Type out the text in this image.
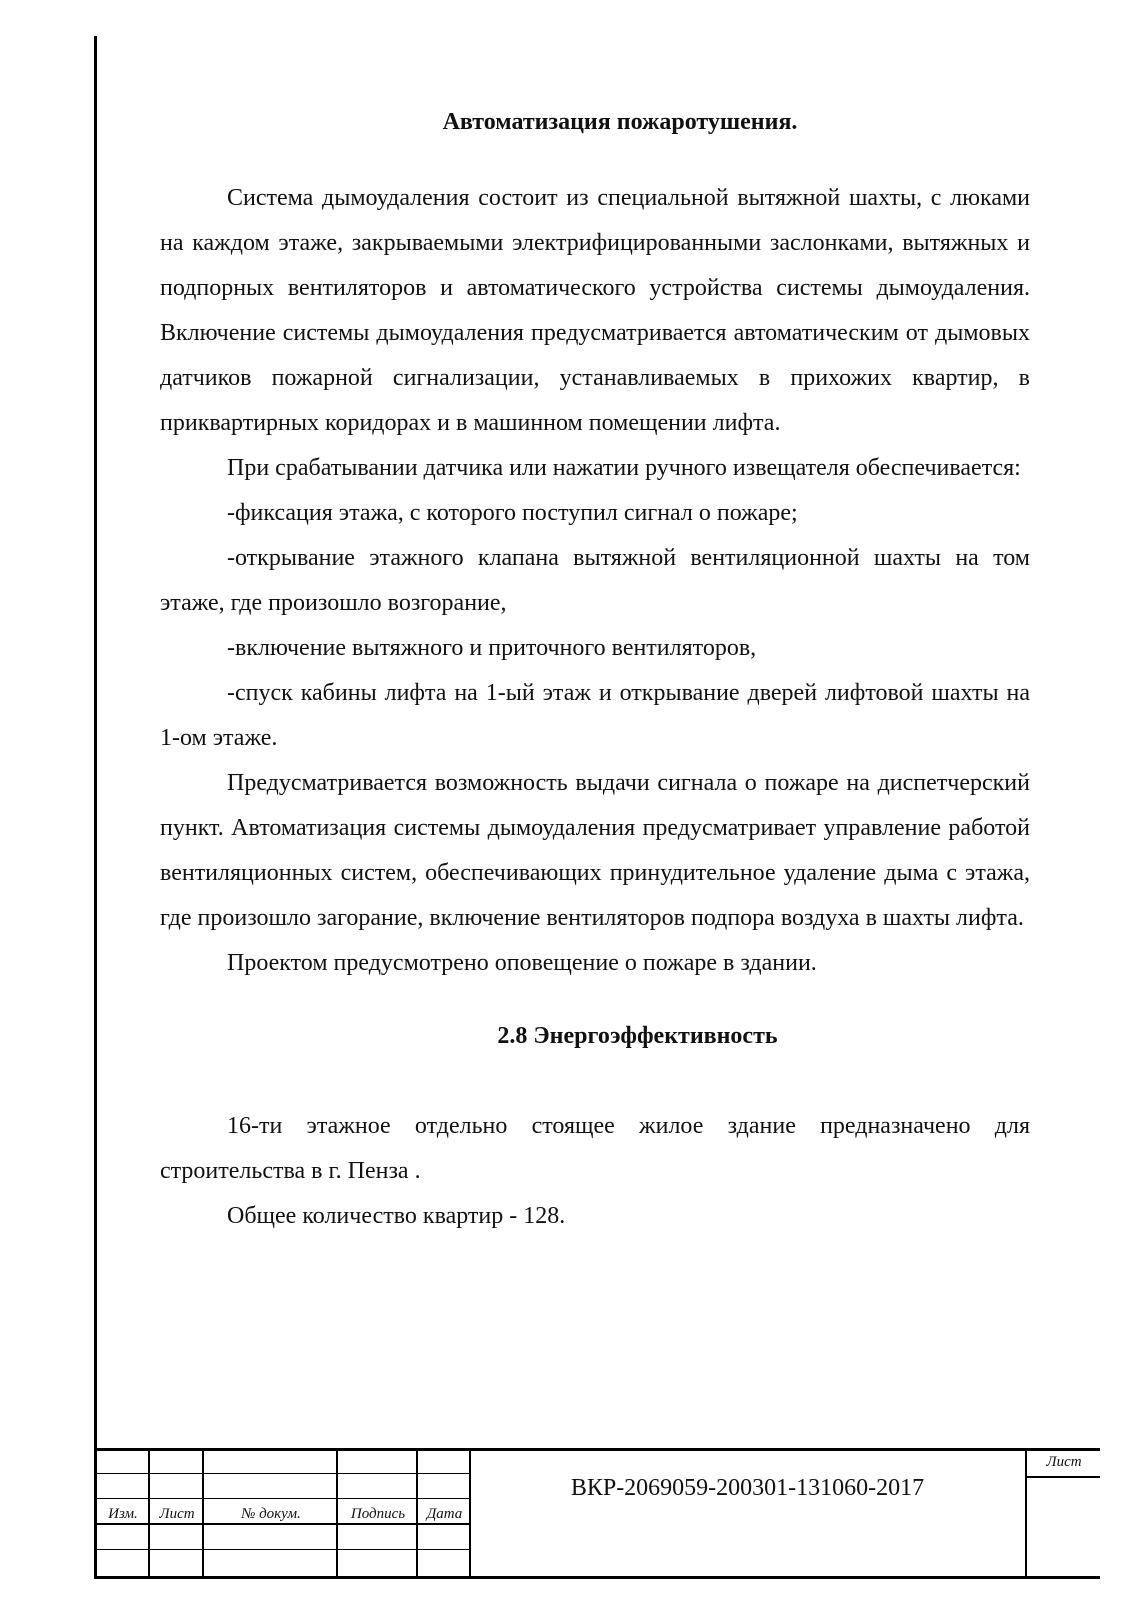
Автоматизация пожаротушения.

Система дымоудаления состоит из специальной вытяжной шахты, с люками на каждом этаже, закрываемыми электрифицированными заслонками, вытяжных и подпорных вентиляторов и автоматического устройства системы дымоудаления. Включение системы дымоудаления предусматривается автоматическим от дымовых датчиков пожарной сигнализации, устанавливаемых в прихожих квартир, в приквартирных коридорах и в машинном помещении лифта.

При срабатывании датчика или нажатии ручного извещателя обеспечивается:

-фиксация этажа, с которого поступил сигнал о пожаре;

-открывание этажного клапана вытяжной вентиляционной шахты на том этаже, где произошло возгорание,

-включение вытяжного и приточного вентиляторов,

-спуск кабины лифта на 1-ый этаж и открывание дверей лифтовой шахты на 1-ом этаже.

Предусматривается возможность выдачи сигнала о пожаре на диспетчерский пункт. Автоматизация системы дымоудаления предусматривает управление работой вентиляционных систем, обеспечивающих принудительное удаление дыма с этажа, где произошло загорание, включение вентиляторов подпора воздуха в шахты лифта.

Проектом предусмотрено оповещение о пожаре в здании.

2.8 Энергоэффективность

16-ти этажное отдельно стоящее жилое здание предназначено для строительства в г. Пенза .

Общее количество квартир - 128.

Изм.	Лист	№ докум.	Подпись	Дата
ВКР-2069059-200301-131060-2017
Лист
